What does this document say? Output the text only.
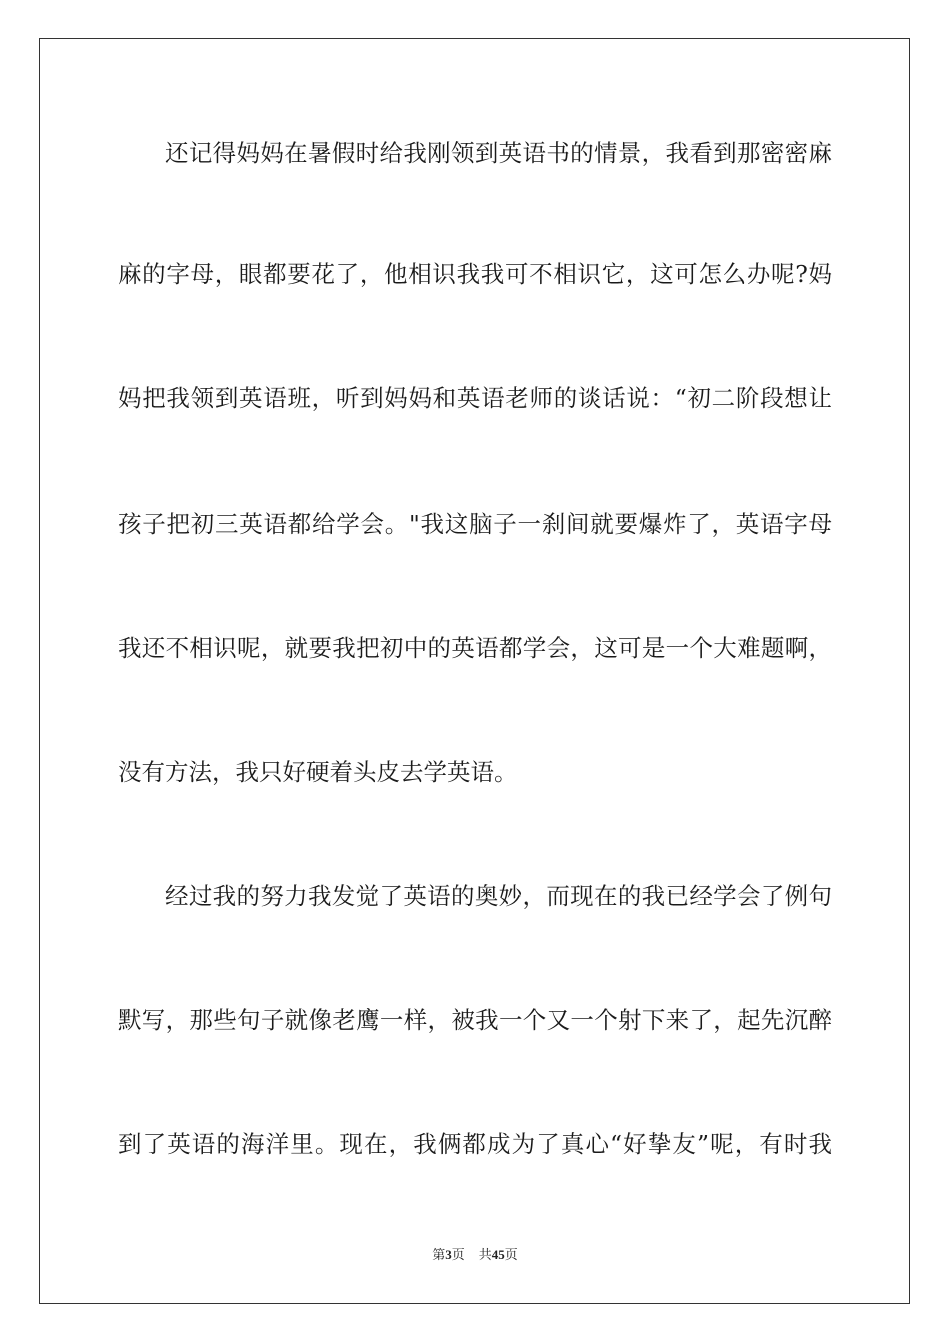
还记得妈妈在暑假时给我刚领到英语书的情景，我看到那密密麻
麻的字母，眼都要花了，他相识我我可不相识它，这可怎么办呢?妈
妈把我领到英语班，听到妈妈和英语老师的谈话说：“初二阶段想让
孩子把初三英语都给学会。"我这脑子一刹间就要爆炸了，英语字母
我还不相识呢，就要我把初中的英语都学会，这可是一个大难题啊，
没有方法，我只好硬着头皮去学英语。
经过我的努力我发觉了英语的奥妙，而现在的我已经学会了例句
默写，那些句子就像老鹰一样，被我一个又一个射下来了，起先沉醉
到了英语的海洋里。现在，我俩都成为了真心“好挚友”呢，有时我
第3页 共45页
